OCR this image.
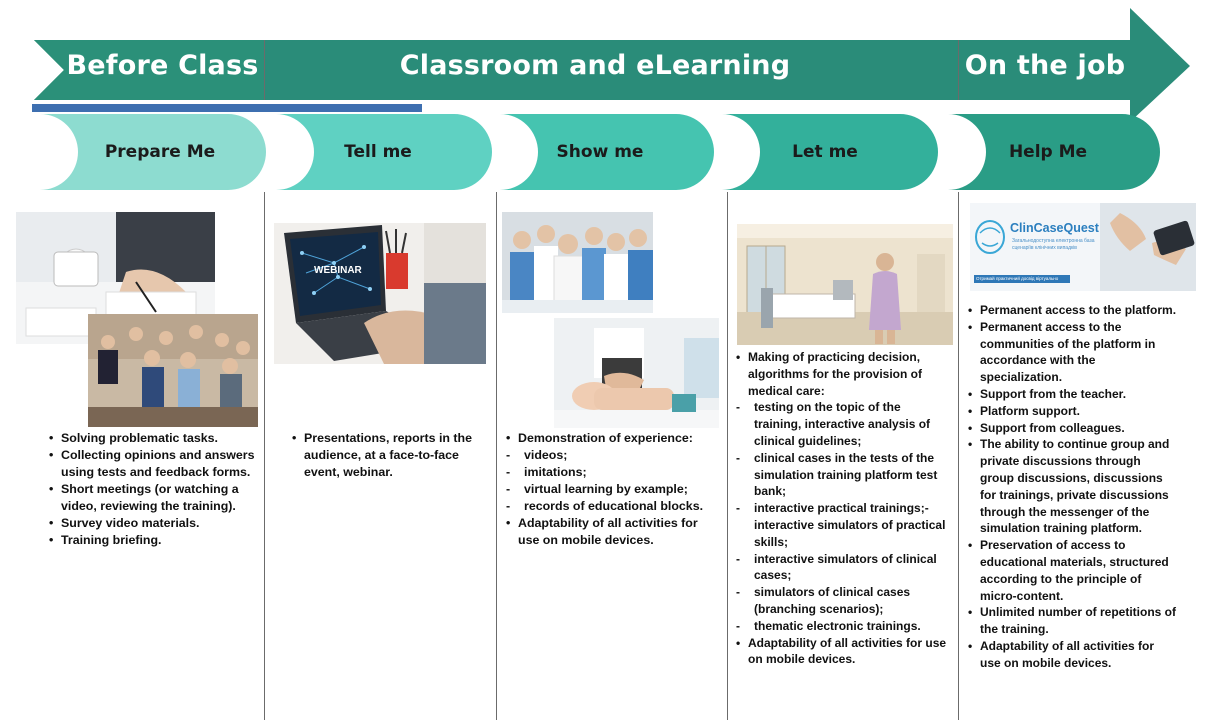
Before Class	Classroom and eLearning	On the job
Prepare Me	Tell me	Show me	Let me	Help Me
WEBINAR
ClinCaseQuest
Загальнодоступна електронна база
сценаріїв клінічних випадків
Отримай практичний досвід віртуально
• Solving problematic tasks.
• Collecting opinions and answers using tests and feedback forms.
• Short meetings (or watching a video, reviewing the training).
• Survey video materials.
• Training briefing.
• Presentations, reports in the audience, at a face-to-face event, webinar.
• Demonstration of experience:
- videos;
- imitations;
- virtual learning by example;
- records of educational blocks.
• Adaptability of all activities for use on mobile devices.
• Making of practicing decision, algorithms for the provision of medical care:
- testing on the topic of the training, interactive analysis of clinical guidelines;
- clinical cases in the tests of the simulation training platform test bank;
- interactive practical trainings;- interactive simulators of practical skills;
- interactive simulators of clinical cases;
- simulators of clinical cases (branching scenarios);
- thematic electronic trainings.
• Adaptability of all activities for use on mobile devices.
• Permanent access to the platform.
• Permanent access to the communities of the platform in accordance with the specialization.
• Support from the teacher.
• Platform support.
• Support from colleagues.
• The ability to continue group and private discussions through group discussions, discussions for trainings, private discussions through the messenger of the simulation training platform.
• Preservation of access to educational materials, structured according to the principle of micro-content.
• Unlimited number of repetitions of the training.
• Adaptability of all activities for use on mobile devices.
